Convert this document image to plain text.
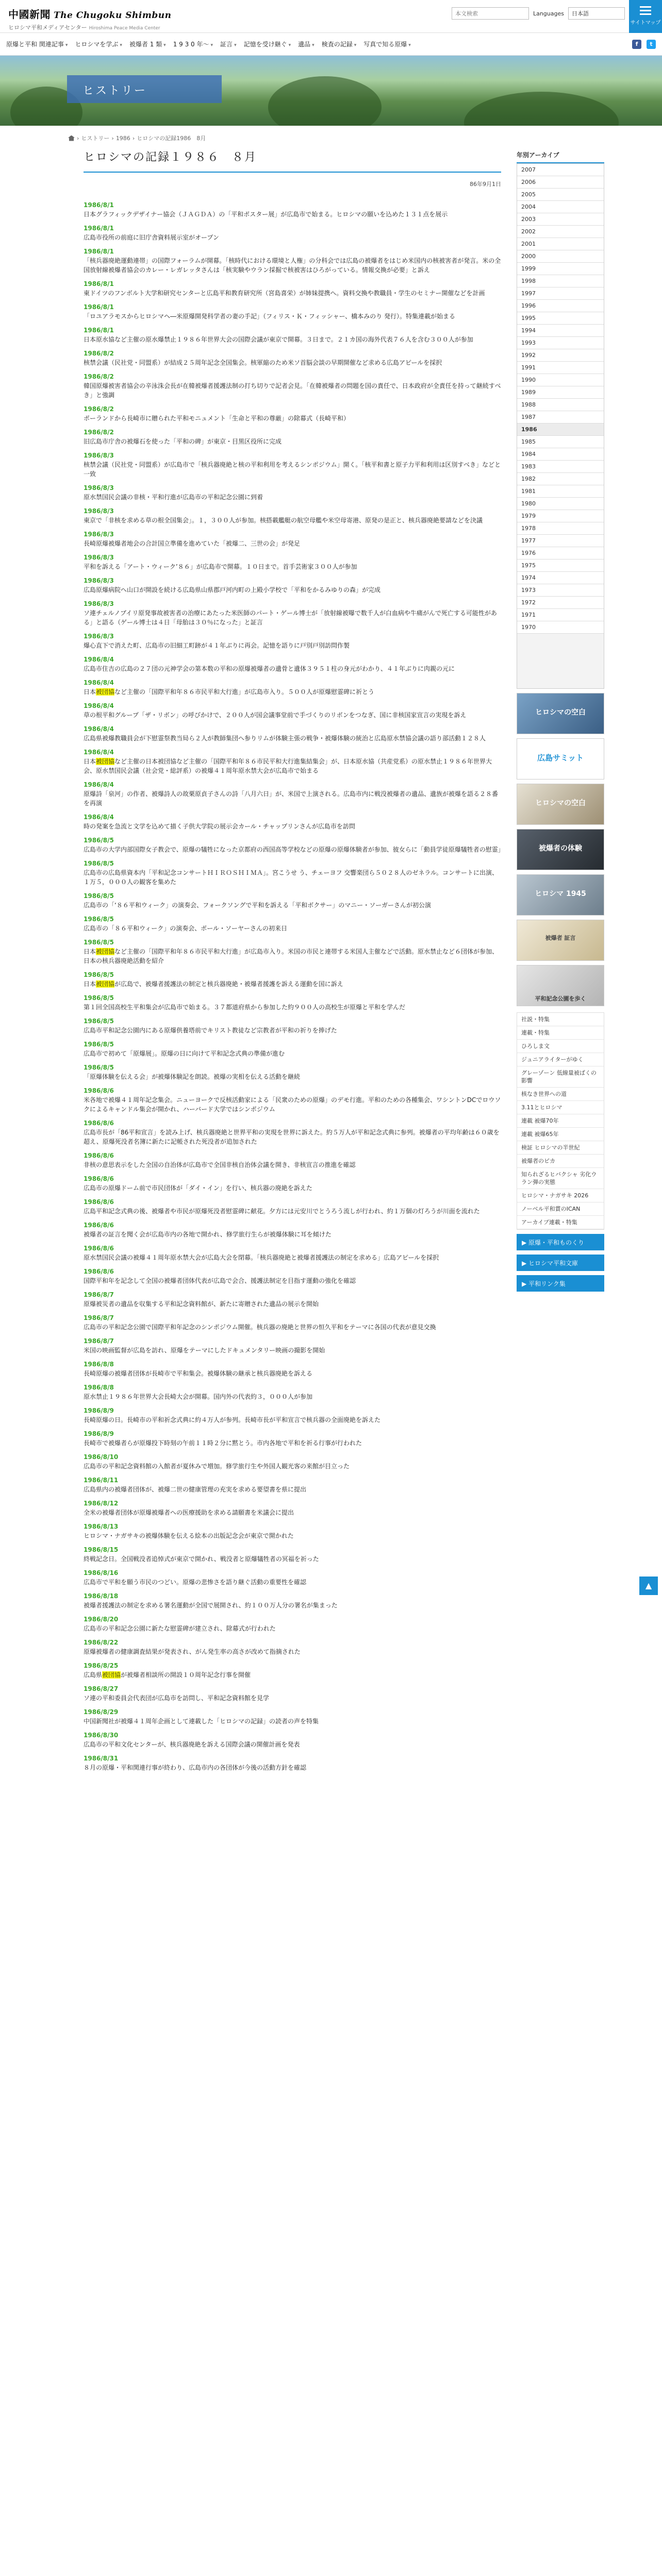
中國新聞 The Chugoku Shimbun
ヒロシマ平和メディアセンター Hiroshima Peace Media Center
本文検索
Languages	日本語
サイトマップ
原爆と平和 関連記事 ▾	ヒロシマを学ぶ ▾	被爆者 1 類 ▾	1 9 3 0 年〜 ▾	証言 ▾	記憶を受け継ぐ ▾	遺品 ▾	検査の記録 ▾	写真で知る原爆 ▾	f	t
ヒストリー
› ヒストリー › 1986 › ヒロシマの記録1986　8月
ヒロシマの記録１９８６　８月
86年9月1日
1986/8/1
日本グラフィックデザイナー協会（ＪＡＧＤＡ）の「平和ポスター展」が広島市で始まる。ヒロシマの願いを込めた１３１点を展示
1986/8/1
広島市役所の前庭に旧庁舎資料展示室がオープン
1986/8/1
「核兵器廃絶運動連帯」の国際フォーラムが開幕。「核時代における環境と人権」の分科会では広島の被爆者をはじめ米国内の核被害者が発言。米の全国放射線被爆者協会のカレー・レガレッタさんは「核実験やウラン採掘で核被害はひろがっている。情報交換が必要」と訴え
1986/8/1
東ドイツのフンボルト大学和研究センターと広島平和教育研究所（宮島喜栄）が姉妹提携へ。資料交換や教職員・学生のセミナー開催などを計画
1986/8/1
「ロユアラモスからヒロシマヘ―米原爆開発科学者の妻の手記」（フィリス・Ｋ・フィッシャー、橋本みのり 発行）。特集連載が始まる
1986/8/1
日本原水協など主催の原水爆禁止１９８６年世界大会の国際会議が東京で開幕。３日まで。２１カ国の海外代表７６人を含む３００人が参加
1986/8/2
核禁会議（民社党・同盟系）が結成２５周年記念全国集会。核軍縮のため米ソ首脳会談の早期開催など求める広島アピールを採択
1986/8/2
韓国原爆被害者協会の辛泳洙会長が在韓被爆者援護法制の打ち切りで記者会見。「在韓被爆者の問題を国の責任で、日本政府が全責任を持って継続すべき」と強調
1986/8/2
ポーランドから長崎市に贈られた平和モニュメント「生命と平和の尊厳」の除幕式（長崎平和）
1986/8/2
旧広島市庁舎の被爆石を使った「平和の碑」が東京・目黒区役所に完成
1986/8/3
核禁会議（民社党・同盟系）が広島市で「核兵器廃絶と核の平和利用を考えるシンポジウム」開く。「核平和書と原子力平和利用は区別すべき」などと一致
1986/8/3
原水禁国民会議の非核・平和行進が広島市の平和記念公園に到着
1986/8/3
東京で「非核を求める草の根全国集会」。１，３００人が参加。核搭載艦艇の航空母艦や米空母寄港、原発の是正と、核兵器廃絶要請などを決議
1986/8/3
長崎原爆被爆者地会の合計国立準備を進めていた「被爆二、三世の会」が発足
1986/8/3
平和を訴える「アート・ウィーク’８６」が広島市で開幕。１０日まで。首手芸術家３００人が参加
1986/8/3
広島原爆病院へ山口が開設を続ける広島県山県郡戸河内町の上殿小学校で「平和をかるみゆりの森」が完成
1986/8/3
ソ連チェルノブイリ原発事故被害者の治療にあたった米医師のパート・ゲール博士が「放射線被曝で数千人が白血病や牛痛がんで死亡する可能性がある」と語る（ゲール博士は４日「母胎は３０％になった」と証言
1986/8/3
爆心直下で消えた町、広島市の旧細工町跡が４１年ぶりに再会。記憶を語りに戸別戸別訪問作製
1986/8/4
広島市住吉の広島の２７団の元神学会の第本数の平和の原爆被爆者の遺骨と遺体３９５１柱の身元がわかり、４１年ぶりに肉親の元に
1986/8/4
日本被団協など主催の「国際平和年８６市民平和大行進」が広島市入り。５００人が原爆慰霊碑に祈とう
1986/8/4
草の根平和グループ「ザ・リボン」の呼びかけで、２００人が国会議事堂前で手づくりのリボンをつなぎ、国に非核国家宣言の実現を訴え
1986/8/4
広島県被爆教職員会が下慰霊祭教当局ら２人が教師集団へ参りリムが体験主張の戦争・被爆体験の統治と広島原水禁協会議の語り部活動１２８人
1986/8/4
日本被団協など主催の日本被団協など主催の「国際平和年８６市民平和大行進集結集会」が、日本原水協（共産党系）の原水禁止１９８６年世界大会、原水禁国民会議（社会党・総評系）の被爆４１周年原水禁大会が広島市で始まる
1986/8/4
原爆詩「泉河」の作者、被爆詩人の故栗原貞子さんの詩「八月六日」が、米国で上演される。広島市内に戦没被爆者の遺品、遺族が被爆を語る２８番を再演
1986/8/4
時の発案を急流と文学を込めて描く子供大学院の展示会カール・チャップリンさんが広島市を訪問
1986/8/5
広島市の大学内部国際女子教会で、原爆の犠牲になった京都府の西国高等学校などの原爆の原爆体験者が参加、彼女らに「動員学徒原爆犠牲者の慰霊」
1986/8/5
広島市の広島県資本内「平和記念コンサートＨＩＲＯＳＨＩＭＡ」。宮こうせ う、チェーヨフ 交響楽団ら５０２８人のゼネラル。コンサートに出演、１万５，０００人の観客を集めた
1986/8/5
広島市の「‘８６平和ウィーク」の演奏会、フォークソングで平和を訴える「平和ボクサー」のマニー・ソーガーさんが初公演
1986/8/5
広島市の「８６平和ウィーク」の演奏会、ポール・ソーヤーさんの初来日
1986/8/5
日本被団協など主催の「国際平和年８６市民平和大行進」が広島市入り。米国の市民と連帯する米国人主催などで活動。原水禁止など６団体が参加、日本の核兵器廃絶活動を紹介
1986/8/5
日本被団協が広島で、被爆者援護法の制定と核兵器廃絶・被爆者援護を訴える運動を国に訴え
1986/8/5
第１回全国高校生平和集会が広島市で始まる。３７都道府県から参加した約９００人の高校生が原爆と平和を学んだ
1986/8/5
広島市平和記念公園内にある原爆供養塔前でキリスト教徒など宗教者が平和の祈りを捧げた
1986/8/5
広島市で初めて「原爆展」。原爆の日に向けて平和記念式典の準備が進む
1986/8/5
「原爆体験を伝える会」が被爆体験記を朗読。被爆の実相を伝える活動を継続
1986/8/6
米各地で被爆４１周年記念集会。ニューヨークで反核活動家による「民衆のための原爆」のデモ行進。平和のための各種集会、ワシントンDCでロウソクによるキャンドル集会が開かれ、ハーバード大学ではシンポジウム
1986/8/6
広島市長が「86平和宣言」を読み上げ、核兵器廃絶と世界平和の実現を世界に訴えた。約５万人が平和記念式典に参列。被爆者の平均年齢は６０歳を超え、原爆死没者名簿に新たに記帳された死没者が追加された
1986/8/6
非核の意思表示をした全国の自治体が広島市で全国非核自治体会議を開き、非核宣言の推進を確認
1986/8/6
広島市の原爆ドーム前で市民団体が「ダイ・イン」を行い、核兵器の廃絶を訴えた
1986/8/6
広島平和記念式典の後、被爆者や市民が原爆死没者慰霊碑に献花。夕方には元安川でとうろう流しが行われ、約１万個の灯ろうが川面を流れた
1986/8/6
被爆者の証言を聞く会が広島市内の各地で開かれ、修学旅行生らが被爆体験に耳を傾けた
1986/8/6
原水禁国民会議の被爆４１周年原水禁大会が広島大会を閉幕。「核兵器廃絶と被爆者援護法の制定を求める」広島アピールを採択
1986/8/6
国際平和年を記念して全国の被爆者団体代表が広島で会合、援護法制定を目指す運動の強化を確認
1986/8/7
原爆被災者の遺品を収集する平和記念資料館が、新たに寄贈された遺品の展示を開始
1986/8/7
広島市の平和記念公園で国際平和年記念のシンポジウム開催。核兵器の廃絶と世界の恒久平和をテーマに各国の代表が意見交換
1986/8/7
米国の映画監督が広島を訪れ、原爆をテーマにしたドキュメンタリー映画の撮影を開始
1986/8/8
長崎原爆の被爆者団体が長崎市で平和集会。被爆体験の継承と核兵器廃絶を訴える
1986/8/8
原水禁止１９８６年世界大会長崎大会が開幕。国内外の代表約３，０００人が参加
1986/8/9
長崎原爆の日。長崎市の平和祈念式典に約４万人が参列。長崎市長が平和宣言で核兵器の全面廃絶を訴えた
1986/8/9
長崎市で被爆者らが原爆投下時刻の午前１１時２分に黙とう。市内各地で平和を祈る行事が行われた
1986/8/10
広島市の平和記念資料館の入館者が夏休みで増加。修学旅行生や外国人観光客の来館が目立った
1986/8/11
広島県内の被爆者団体が、被爆二世の健康管理の充実を求める要望書を県に提出
1986/8/12
全米の被爆者団体が原爆被爆者への医療援助を求める請願書を米議会に提出
1986/8/13
ヒロシマ・ナガサキの被爆体験を伝える絵本の出版記念会が東京で開かれた
1986/8/15
終戦記念日。全国戦没者追悼式が東京で開かれ、戦没者と原爆犠牲者の冥福を祈った
1986/8/16
広島市で平和を願う市民のつどい。原爆の悲惨さを語り継ぐ活動の重要性を確認
1986/8/18
被爆者援護法の制定を求める署名運動が全国で展開され、約１００万人分の署名が集まった
1986/8/20
広島市の平和記念公園に新たな慰霊碑が建立され、除幕式が行われた
1986/8/22
原爆被爆者の健康調査結果が発表され、がん発生率の高さが改めて指摘された
1986/8/25
広島県被団協が被爆者相談所の開設１０周年記念行事を開催
1986/8/27
ソ連の平和委員会代表団が広島市を訪問し、平和記念資料館を見学
1986/8/29
中国新聞社が被爆４１周年企画として連載した「ヒロシマの記録」の読者の声を特集
1986/8/30
広島市の平和文化センターが、核兵器廃絶を訴える国際会議の開催計画を発表
1986/8/31
８月の原爆・平和関連行事が終わり、広島市内の各団体が今後の活動方針を確認
年別アーカイブ
2007
2006
2005
2004
2003
2002
2001
2000
1999
1998
1997
1996
1995
1994
1993
1992
1991
1990
1989
1988
1987
1986
1985
1984
1983
1982
1981
1980
1979
1978
1977
1976
1975
1974
1973
1972
1971
1970
ヒロシマの空白
広島サミット
ヒロシマの空白
被爆者の体験
ヒロシマ 1945
被爆者 証言
平和記念公園を歩く
社説・特集
連載・特集
ひろしま文
ジュニアライターがゆく
グレーゾーン 低線量被ばくの影響
核なき世界への道
3.11とヒロシマ
連載 被爆70年
連載 被爆65年
検証 ヒロシマの半世紀
被爆者のピカ
知られざるヒバクシャ 劣化ウラン弾の実態
ヒロシマ・ナガサキ 2026
ノーベル平和賞のICAN
アーカイブ連載・特集
▶ 原爆・平和ものくり
▶ ヒロシマ平和文庫
▶ 平和リンク集
▲
